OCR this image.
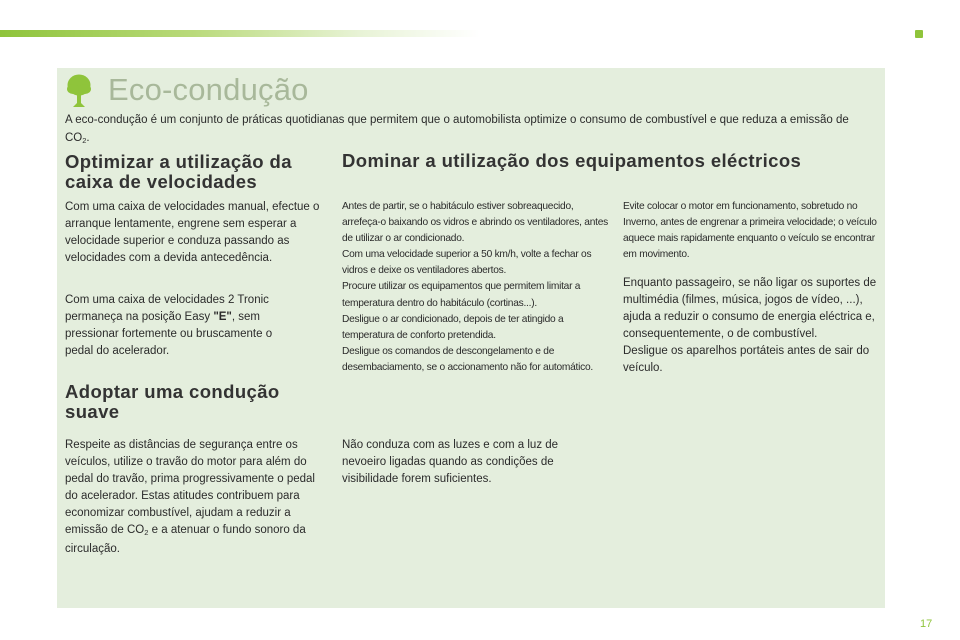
Eco-condução
A eco-condução é um conjunto de práticas quotidianas que permitem que o automobilista optimize o consumo de combustível e que reduza a emissão de $CO_2$.
Optimizar a utilização da
caixa de velocidades
Com uma caixa de velocidades manual, efectue o arranque lentamente, engrene sem esperar a velocidade superior e conduza passando as velocidades com a devida antecedência.
Com uma caixa de velocidades 2 Tronic permaneça na posição Easy "E", sem pressionar fortemente ou bruscamente o pedal do acelerador.
Adoptar uma condução
suave
Respeite as distâncias de segurança entre os veículos, utilize o travão do motor para além do pedal do travão, prima progressivamente o pedal do acelerador. Estas atitudes contribuem para economizar combustível, ajudam a reduzir a emissão de $CO_2$ e a atenuar o fundo sonoro da circulação.
Dominar a utilização dos equipamentos eléctricos
Antes de partir, se o habitáculo estiver sobreaquecido, arrefeça-o baixando os vidros e abrindo os ventiladores, antes de utilizar o ar condicionado.
Com uma velocidade superior a 50 km/h, volte a fechar os vidros e deixe os ventiladores abertos.
Procure utilizar os equipamentos que permitem limitar a temperatura dentro do habitáculo (cortinas...).
Desligue o ar condicionado, depois de ter atingido a temperatura de conforto pretendida.
Desligue os comandos de descongelamento e de desembaciamento, se o accionamento não for automático.
Não conduza com as luzes e com a luz de nevoeiro ligadas quando as condições de visibilidade forem suficientes.
Evite colocar o motor em funcionamento, sobretudo no Inverno, antes de engrenar a primeira velocidade; o veículo aquece mais rapidamente enquanto o veículo se encontrar em movimento.
Enquanto passageiro, se não ligar os suportes de multimédia (filmes, música, jogos de vídeo, ...), ajuda a reduzir o consumo de energia eléctrica e, consequentemente, o de combustível.
Desligue os aparelhos portáteis antes de sair do veículo.
17
